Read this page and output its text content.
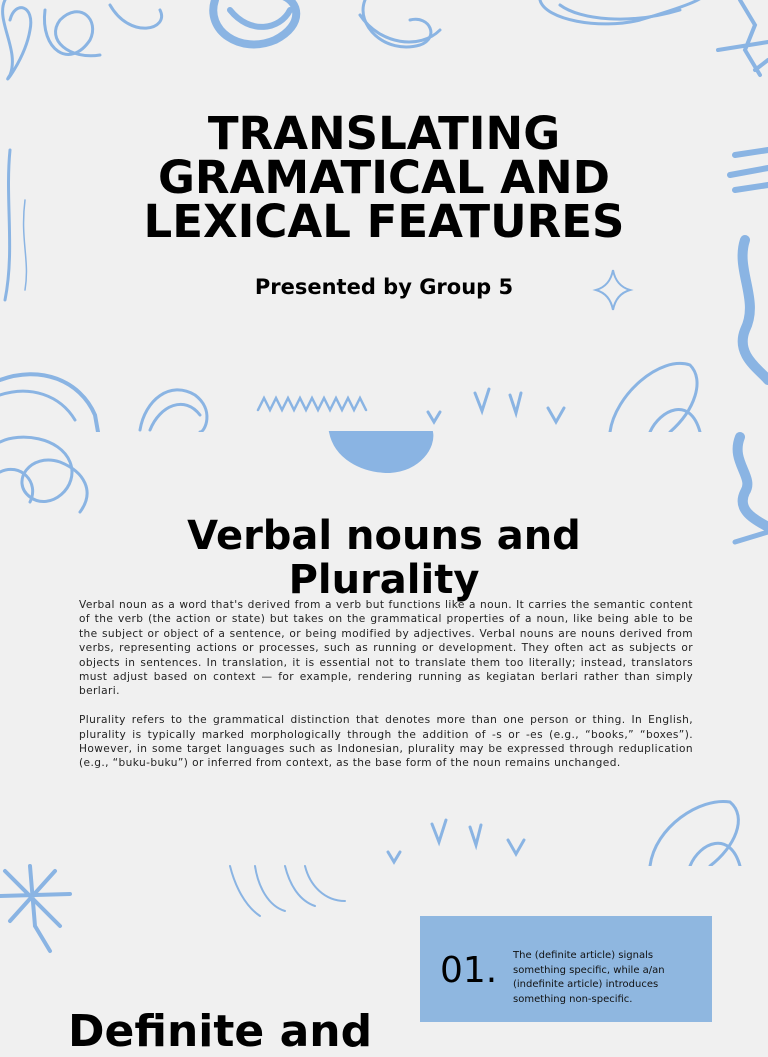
TRANSLATING GRAMATICAL AND LEXICAL FEATURES
Presented by Group 5
Verbal nouns and Plurality

Verbal noun as a word that's derived from a verb but functions like a noun. It carries the semantic content of the verb (the action or state) but takes on the grammatical properties of a noun, like being able to be the subject or object of a sentence, or being modified by adjectives. Verbal nouns are nouns derived from verbs, representing actions or processes, such as running or development. They often act as subjects or objects in sentences. In translation, it is essential not to translate them too literally; instead, translators must adjust based on context — for example, rendering running as kegiatan berlari rather than simply berlari.

Plurality refers to the grammatical distinction that denotes more than one person or thing. In English, plurality is typically marked morphologically through the addition of -s or -es (e.g., “books,” “boxes”). However, in some target languages such as Indonesian, plurality may be expressed through reduplication (e.g., “buku-buku”) or inferred from context, as the base form of the noun remains unchanged.

01. The (definite article) signals something specific, while a/an (indefinite article) introduces something non-specific.
Definite and
